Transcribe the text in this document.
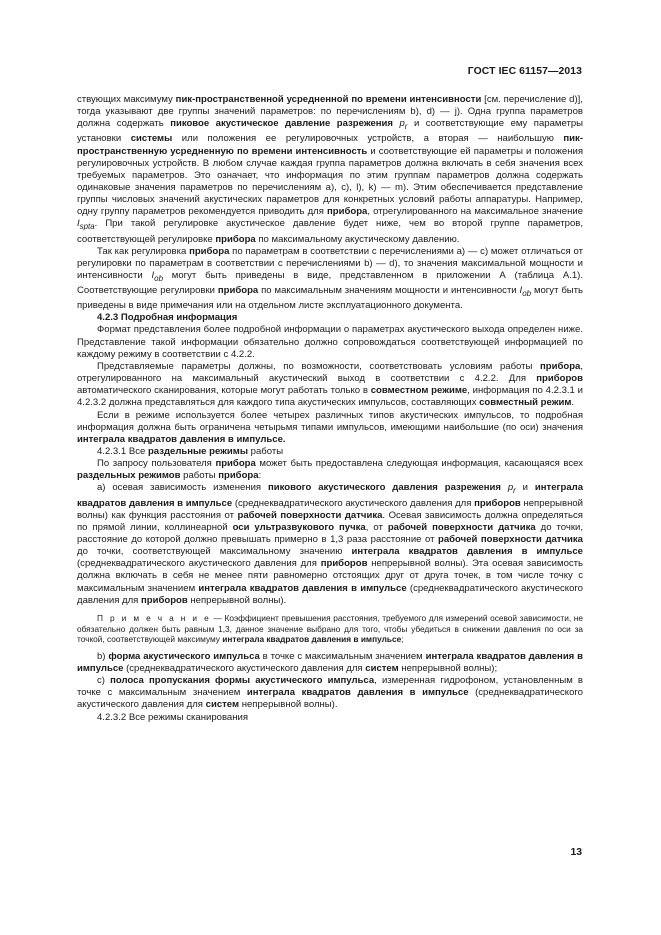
ГОСТ IEC 61157—2013

ствующих максимуму пик-пространственной усредненной по времени интенсивности [см. перечисление d)], тогда указывают две группы значений параметров: по перечислениям b), d) — j). Одна группа параметров должна содержать пиковое акустическое давление разрежения $p_r$ и соответствующие ему параметры установки системы или положения ее регулировочных устройств, а вторая — наибольшую пик-пространственную усредненную по времени интенсивность и соответствующие ей параметры и положения регулировочных устройств. В любом случае каждая группа параметров должна включать в себя значения всех требуемых параметров. Это означает, что информация по этим группам параметров должна содержать одинаковые значения параметров по перечислениям a), c), l), k) — m). Этим обеспечивается представление группы числовых значений акустических параметров для конкретных условий работы аппаратуры. Например, одну группу параметров рекомендуется приводить для прибора, отрегулированного на максимальное значение $I_{spta}$. При такой регулировке акустическое давление будет ниже, чем во второй группе параметров, соответствующей регулировке прибора по максимальному акустическому давлению.

Так как регулировка прибора по параметрам в соответствии с перечислениями a) — c) может отличаться от регулировки по параметрам в соответствии с перечислениями b) — d), то значения максимальной мощности и интенсивности $I_{ob}$ могут быть приведены в виде, представленном в приложении А (таблица А.1). Соответствующие регулировки прибора по максимальным значениям мощности и интенсивности $I_{ob}$ могут быть приведены в виде примечания или на отдельном листе эксплуатационного документа.

4.2.3 Подробная информация

Формат представления более подробной информации о параметрах акустического выхода определен ниже. Представление такой информации обязательно должно сопровождаться соответствующей информацией по каждому режиму в соответствии с 4.2.2.

Представляемые параметры должны, по возможности, соответствовать условиям работы прибора, отрегулированного на максимальный акустический выход в соответствии с 4.2.2. Для приборов автоматического сканирования, которые могут работать только в совместном режиме, информация по 4.2.3.1 и 4.2.3.2 должна представляться для каждого типа акустических импульсов, составляющих совместный режим.

Если в режиме используется более четырех различных типов акустических импульсов, то подробная информация должна быть ограничена четырьмя типами импульсов, имеющими наибольшие (по оси) значения интеграла квадратов давления в импульсе.

4.2.3.1 Все раздельные режимы работы

По запросу пользователя прибора может быть предоставлена следующая информация, касающаяся всех раздельных режимов работы прибора:

a) осевая зависимость изменения пикового акустического давления разрежения $p_r$ и интеграла квадратов давления в импульсе (среднеквадратического акустического давления для приборов непрерывной волны) как функция расстояния от рабочей поверхности датчика. Осевая зависимость должна определяться по прямой линии, коллинеарной оси ультразвукового пучка, от рабочей поверхности датчика до точки, расстояние до которой должно превышать примерно в 1,3 раза расстояние от рабочей поверхности датчика до точки, соответствующей максимальному значению интеграла квадратов давления в импульсе (среднеквадратического акустического давления для приборов непрерывной волны). Эта осевая зависимость должна включать в себя не менее пяти равномерно отстоящих друг от друга точек, в том числе точку с максимальным значением интеграла квадратов давления в импульсе (среднеквадратического акустического давления для приборов непрерывной волны).

П р и м е ч а н и е — Коэффициент превышения расстояния, требуемого для измерений осевой зависимости, не обязательно должен быть равным 1,3, данное значение выбрано для того, чтобы убедиться в снижении давления по оси за точкой, соответствующей максимуму интеграла квадратов давления в импульсе;

b) форма акустического импульса в точке с максимальным значением интеграла квадратов давления в импульсе (среднеквадратического акустического давления для систем непрерывной волны);

c) полоса пропускания формы акустического импульса, измеренная гидрофоном, установленным в точке с максимальным значением интеграла квадратов давления в импульсе (среднеквадратического акустического давления для систем непрерывной волны).

4.2.3.2 Все режимы сканирования

13
